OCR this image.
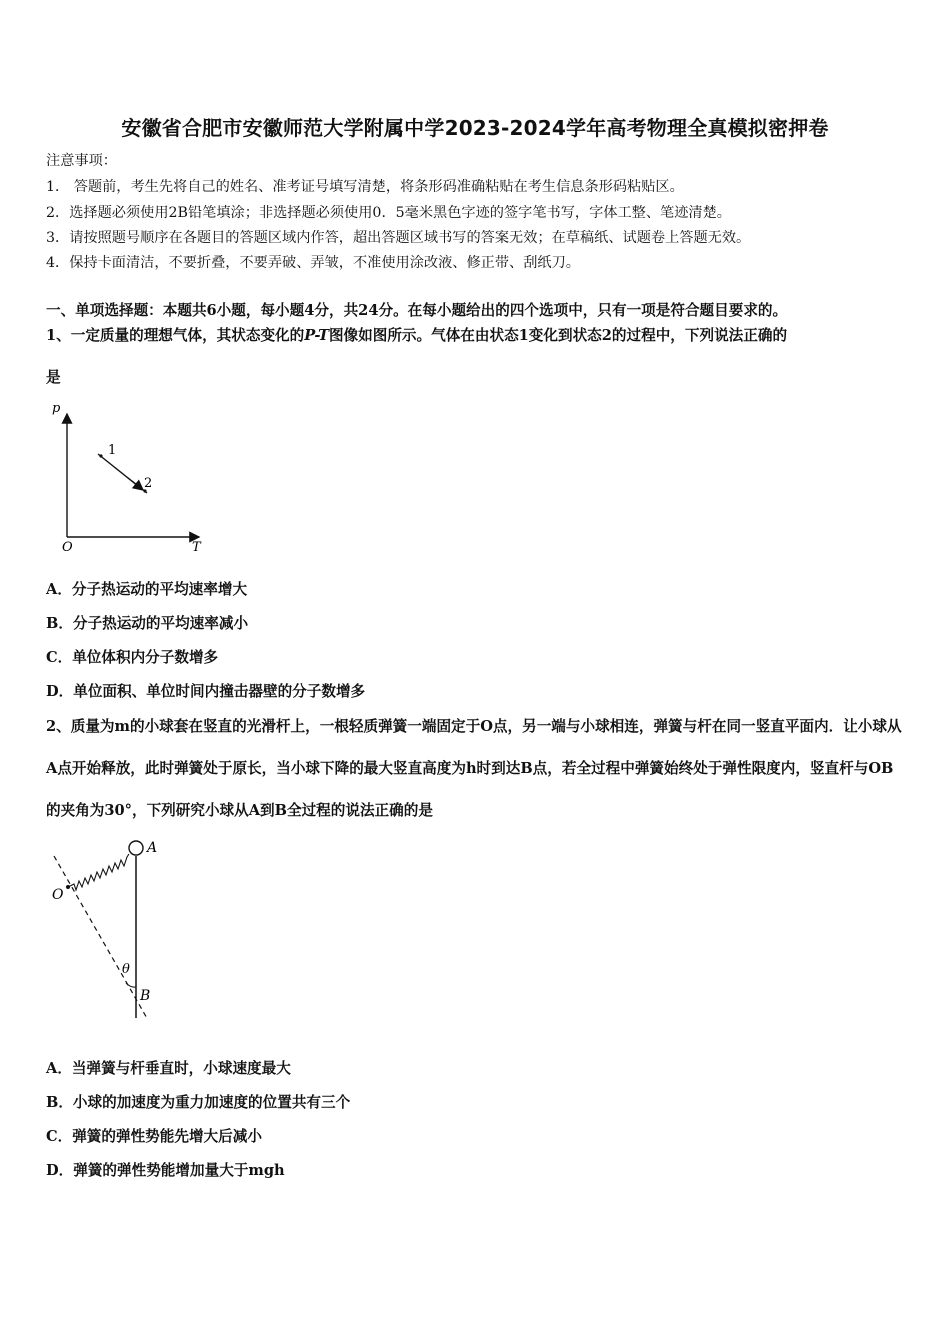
安徽省合肥市安徽师范大学附属中学2023-2024学年高考物理全真模拟密押卷
注意事项：
1． 答题前，考生先将自己的姓名、准考证号填写清楚，将条形码准确粘贴在考生信息条形码粘贴区。
2．选择题必须使用2B铅笔填涂；非选择题必须使用0．5毫米黑色字迹的签字笔书写，字体工整、笔迹清楚。
3．请按照题号顺序在各题目的答题区域内作答，超出答题区域书写的答案无效；在草稿纸、试题卷上答题无效。
4．保持卡面清洁，不要折叠，不要弄破、弄皱，不准使用涂改液、修正带、刮纸刀。
一、单项选择题：本题共6小题，每小题4分，共24分。在每小题给出的四个选项中，只有一项是符合题目要求的。
1、一定质量的理想气体，其状态变化的P-T图像如图所示。气体在由状态1变化到状态2的过程中，下列说法正确的
是
p
T
O
1
2
A．分子热运动的平均速率增大
B．分子热运动的平均速率减小
C．单位体积内分子数增多
D．单位面积、单位时间内撞击器壁的分子数增多
2、质量为m的小球套在竖直的光滑杆上，一根轻质弹簧一端固定于O点，另一端与小球相连，弹簧与杆在同一竖直平面内．让小球从A点开始释放，此时弹簧处于原长，当小球下降的最大竖直高度为h时到达B点，若全过程中弹簧始终处于弹性限度内，竖直杆与OB的夹角为30°，下列研究小球从A到B全过程的说法正确的是
A
O
θ
B
A．当弹簧与杆垂直时，小球速度最大
B．小球的加速度为重力加速度的位置共有三个
C．弹簧的弹性势能先增大后减小
D．弹簧的弹性势能增加量大于mgh
